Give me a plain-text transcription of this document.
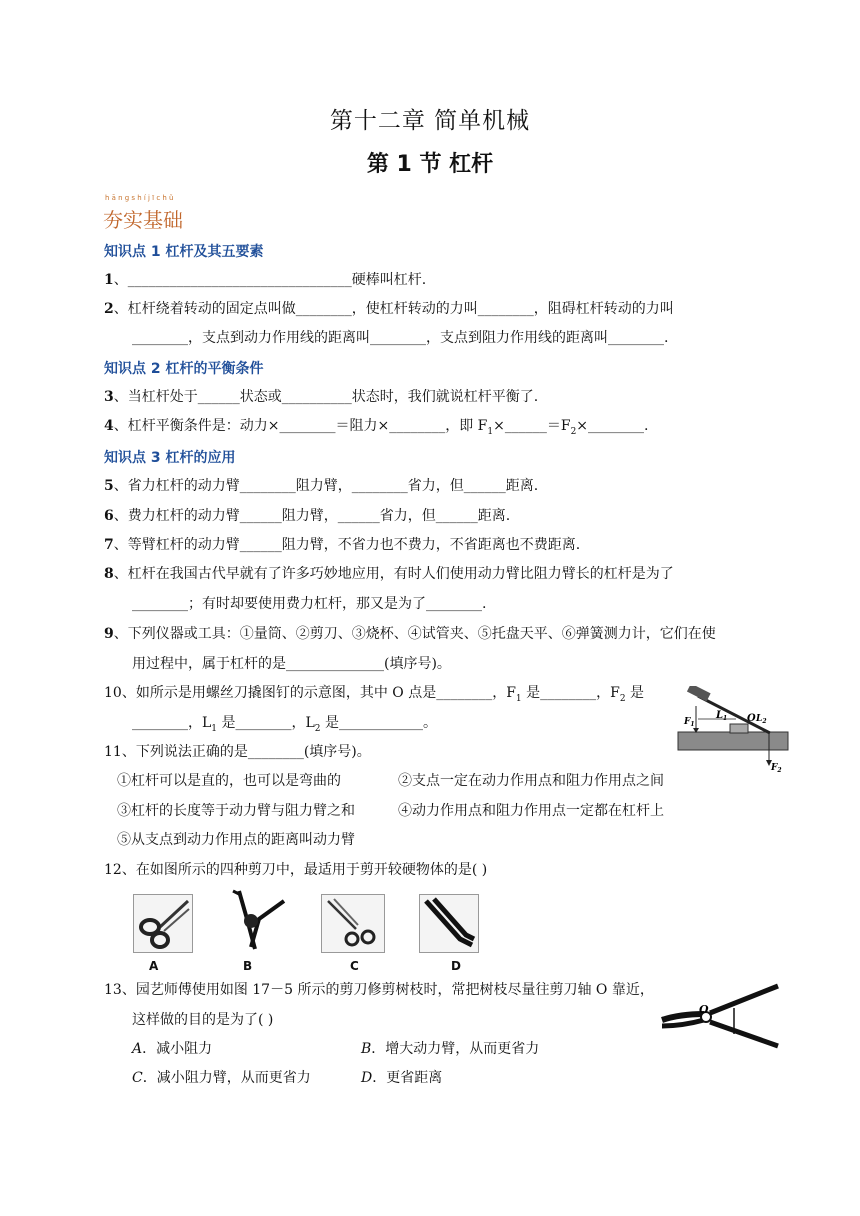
第十二章 简单机械
第 1 节 杠杆
hāngshíjīchǔ
夯实基础
知识点 1 杠杆及其五要素
1、________________________________硬棒叫杠杆.
2、杠杆绕着转动的固定点叫做________，使杠杆转动的力叫________，阻碍杠杆转动的力叫
________，支点到动力作用线的距离叫________，支点到阻力作用线的距离叫________.
知识点 2 杠杆的平衡条件
3、当杠杆处于______状态或__________状态时，我们就说杠杆平衡了.
4、杠杆平衡条件是：动力×________＝阻力×________，即 $F_1\times\_\_\_\_\_\_=F_2\times\_\_\_\_\_\_\_\_$.
知识点 3 杠杆的应用
5、省力杠杆的动力臂________阻力臂，________省力，但______距离.
6、费力杠杆的动力臂______阻力臂，______省力，但______距离.
7、等臂杠杆的动力臂______阻力臂，不省力也不费力，不省距离也不费距离.
8、杠杆在我国古代早就有了许多巧妙地应用，有时人们使用动力臂比阻力臂长的杠杆是为了
________；有时却要使用费力杠杆，那又是为了________.
9、下列仪器或工具：①量筒、②剪刀、③烧杯、④试管夹、⑤托盘天平、⑥弹簧测力计，它们在使
用过程中，属于杠杆的是______________(填序号)。
10、如所示是用螺丝刀撬图钉的示意图，其中 O 点是________，$F_1$ 是________，$F_2$ 是
________，$L_1$ 是________，$L_2$ 是____________。	$F_1$
$L_1$ O $L_2$
$F_2$
11、下列说法正确的是________(填序号)。
①杠杆可以是直的，也可以是弯曲的	②支点一定在动力作用点和阻力作用点之间
③杠杆的长度等于动力臂与阻力臂之和	④动力作用点和阻力作用点一定都在杠杆上
⑤从支点到动力作用点的距离叫动力臂
12、在如图所示的四种剪刀中，最适用于剪开较硬物体的是( )
A	B	C	D
13、园艺师傅使用如图 17－5 所示的剪刀修剪树枝时，常把树枝尽量往剪刀轴 O 靠近，
这样做的目的是为了( )
O
A．减小阻力	B．增大动力臂，从而更省力
C．减小阻力臂，从而更省力	D．更省距离
